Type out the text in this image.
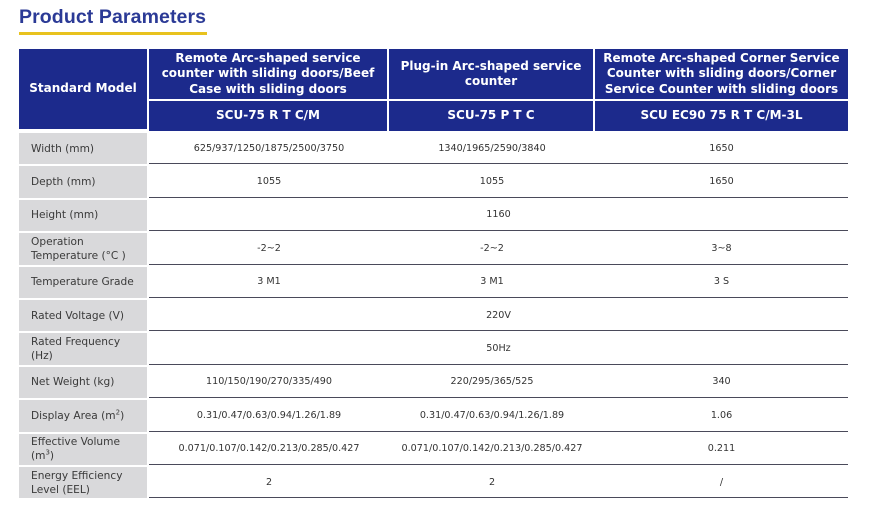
Product Parameters
Standard Model	Remote Arc-shaped service counter with sliding doors/Beef Case with sliding doors	Plug-in Arc-shaped service counter	Remote Arc-shaped Corner Service Counter with sliding doors/Corner Service Counter with sliding doors
	SCU-75 R T C/M	SCU-75 P T C	SCU EC90 75 R T C/M-3L
Width (mm)	625/937/1250/1875/2500/3750	1340/1965/2590/3840	1650
Depth (mm)	1055	1055	1650
Height (mm)	1160		
Operation Temperature (°C )	-2~2	-2~2	3~8
Temperature Grade	3 M1	3 M1	3 S
Rated Voltage (V)	220V		
Rated Frequency (Hz)	50Hz		
Net Weight (kg)	110/150/190/270/335/490	220/295/365/525	340
Display Area $(m^2)$	0.31/0.47/0.63/0.94/1.26/1.89	0.31/0.47/0.63/0.94/1.26/1.89	1.06
Effective Volume $(m^3)$	0.071/0.107/0.142/0.213/0.285/0.427	0.071/0.107/0.142/0.213/0.285/0.427	0.211
Energy Efficiency Level (EEL)	2	2	/
